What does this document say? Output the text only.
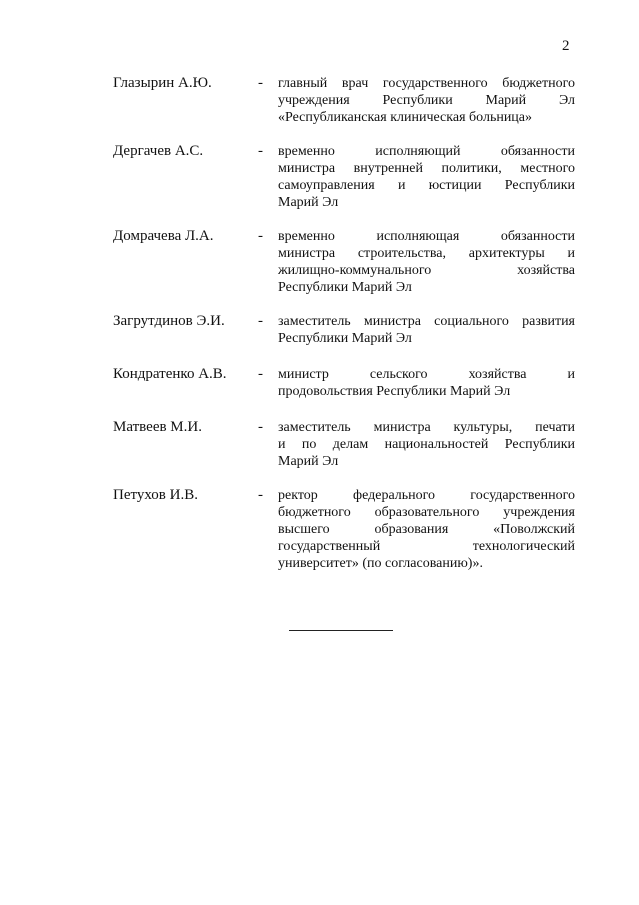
2
Глазырин А.Ю.	- главный врач государственного бюджетного
учреждения Республики Марий Эл
«Республиканская клиническая больница»
Дергачев А.С.	- временно исполняющий обязанности
министра внутренней политики, местного
самоуправления и юстиции Республики
Марий Эл
Домрачева Л.А.	- временно исполняющая обязанности
министра строительства, архитектуры и
жилищно-коммунального хозяйства
Республики Марий Эл
Загрутдинов Э.И. - заместитель министра социального развития
Республики Марий Эл
Кондратенко А.В. - министр сельского хозяйства и
продовольствия Республики Марий Эл
Матвеев М.И.	- заместитель министра культуры, печати
и по делам национальностей Республики
Марий Эл
Петухов И.В.	- ректор федерального государственного
бюджетного образовательного учреждения
высшего образования «Поволжский
государственный технологический
университет» (по согласованию)».
